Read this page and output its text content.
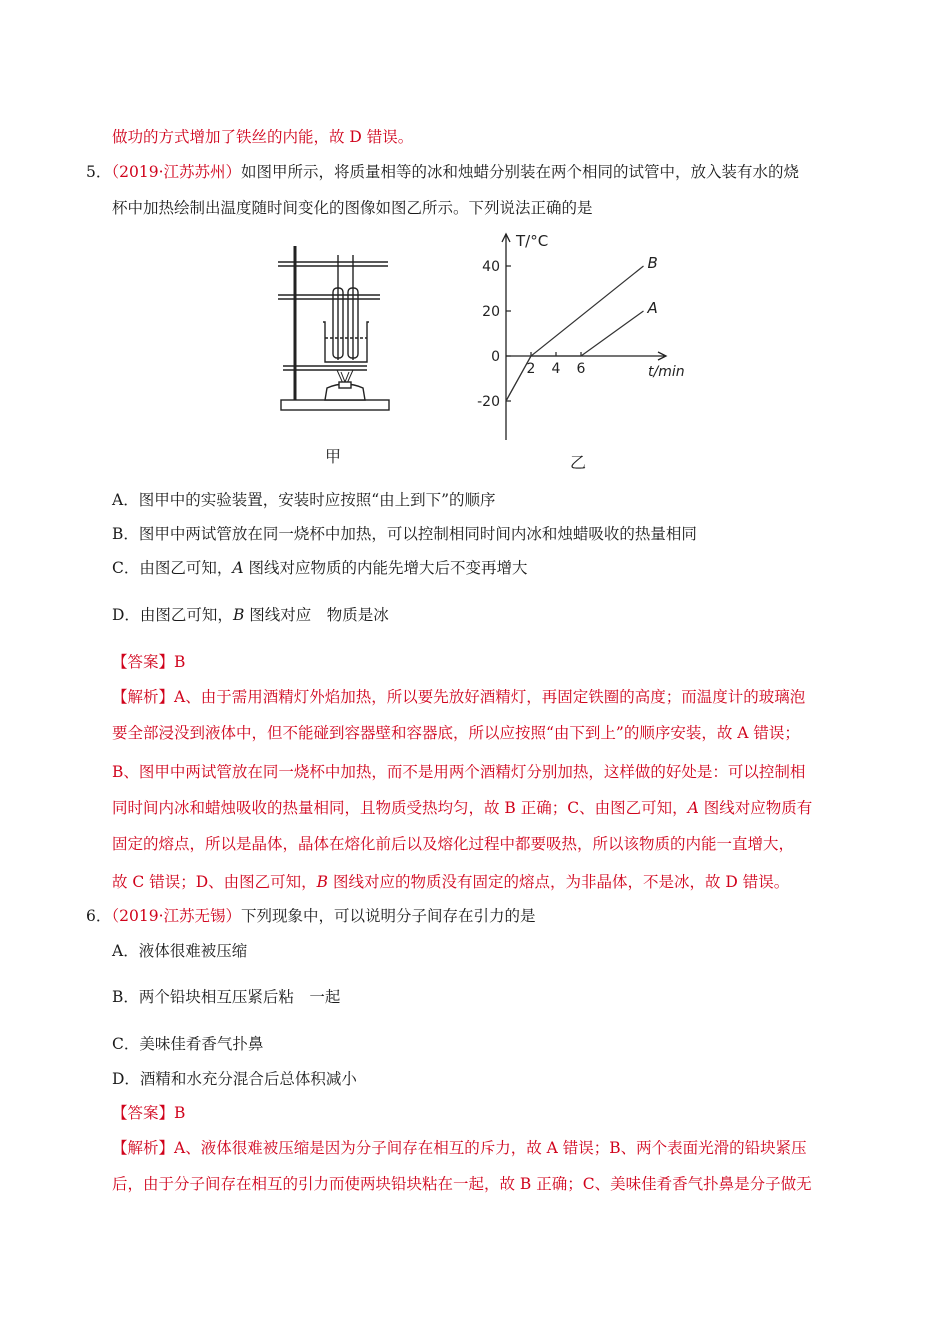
做功的方式增加了铁丝的内能，故 D 错误。
5．（2019·江苏苏州）如图甲所示，将质量相等的冰和烛蜡分别装在两个相同的试管中，放入装有水的烧
杯中加热绘制出温度随时间变化的图像如图乙所示。下列说法正确的是
甲
40
20
0
-20
2 4 6
B
A
T/°C
t/min
乙
A．图甲中的实验装置，安装时应按照“由上到下”的顺序
B．图甲中两试管放在同一烧杯中加热，可以控制相同时间内冰和烛蜡吸收的热量相同
C．由图乙可知，A 图线对应物质的内能先增大后不变再增大
D．由图乙可知，B 图线对应　物质是冰
【答案】B
【解析】A、由于需用酒精灯外焰加热，所以要先放好酒精灯，再固定铁圈的高度；而温度计的玻璃泡
要全部浸没到液体中，但不能碰到容器壁和容器底，所以应按照“由下到上”的顺序安装，故 A 错误；
B、图甲中两试管放在同一烧杯中加热，而不是用两个酒精灯分别加热，这样做的好处是：可以控制相
同时间内冰和蜡烛吸收的热量相同，且物质受热均匀，故 B 正确；C、由图乙可知，A 图线对应物质有
固定的熔点，所以是晶体，晶体在熔化前后以及熔化过程中都要吸热，所以该物质的内能一直增大，
故 C 错误；D、由图乙可知，B 图线对应的物质没有固定的熔点，为非晶体，不是冰，故 D 错误。
6．（2019·江苏无锡）下列现象中，可以说明分子间存在引力的是
A．液体很难被压缩
B．两个铅块相互压紧后粘　一起
C．美味佳肴香气扑鼻
D．酒精和水充分混合后总体积减小
【答案】B
【解析】A、液体很难被压缩是因为分子间存在相互的斥力，故 A 错误；B、两个表面光滑的铅块紧压
后，由于分子间存在相互的引力而使两块铅块粘在一起，故 B 正确；C、美味佳肴香气扑鼻是分子做无
